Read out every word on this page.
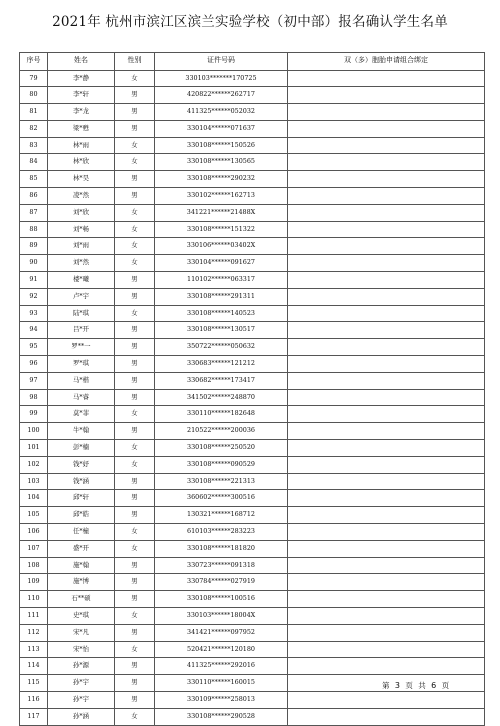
2021年 杭州市滨江区滨兰实验学校（初中部）报名确认学生名单
序号	姓名	性别	证件号码	双（多）胞胎申请组合绑定
79	李*静	女	330103*******170725	
80	李*轩	男	420822******262717	
81	李*龙	男	411325******052032	
82	梁*甦	男	330104******071637	
83	林*雨	女	330108******150526	
84	林*欣	女	330108******130565	
85	林*昊	男	330108******290232	
86	凌*然	男	330102******162713	
87	刘*欣	女	341221******21488X	
88	刘*畅	女	330108******151322	
89	刘*雨	女	330106******03402X	
90	刘*然	女	330104******091627	
91	楼*曦	男	110102******063317	
92	卢*宇	男	330108******291311	
93	陆*琪	女	330108******140523	
94	吕*开	男	330108******130517	
95	罗**一	男	350722******050632	
96	罗*琪	男	330683******121212	
97	马*楷	男	330682******173417	
98	马*睿	男	341502******248870	
99	莫*菲	女	330110******182648	
100	牛*翰	男	210522******200036	
101	彭*楠	女	330108******250520	
102	钱*妤	女	330108******090529	
103	钱*涵	男	330108******221313	
104	邱*轩	男	360602******300516	
105	邱*皓	男	130321******168712	
106	任*橦	女	610103******283223	
107	盛*开	女	330108******181820	
108	施*翰	男	330723******091318	
109	施*博	男	330784******027919	
110	石**硕	男	330108******100516	
111	史*琪	女	330103******18004X	
112	宋*凡	男	341421******097952	
113	宋*怡	女	520421******120180	
114	孙*源	男	411325******292016	
115	孙*宇	男	330110******160015	
116	孙*宇	男	330109******258013	
117	孙*涵	女	330108******290528	
第 3 页 共 6 页
